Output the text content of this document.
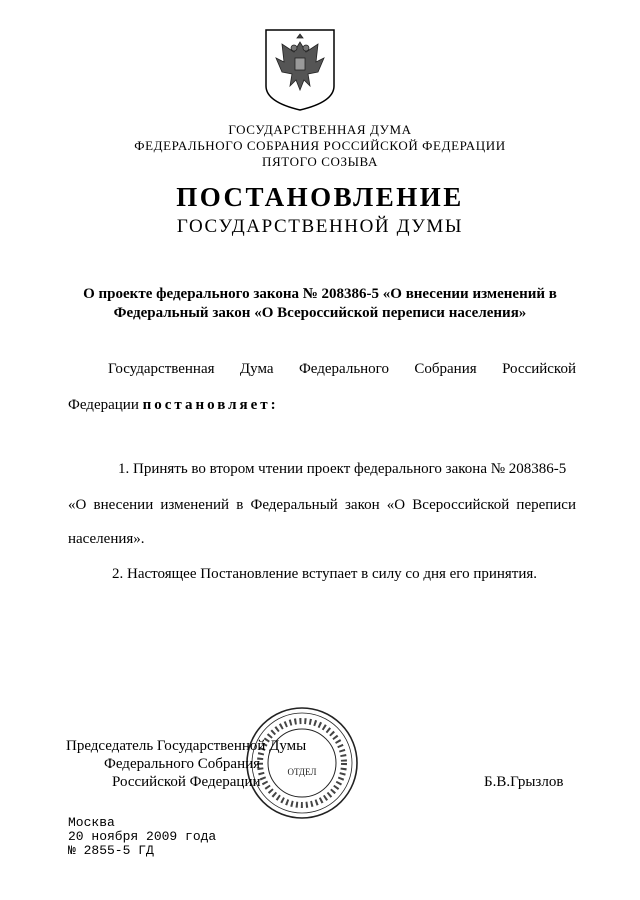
ГОСУДАРСТВЕННАЯ ДУМА
ФЕДЕРАЛЬНОГО СОБРАНИЯ РОССИЙСКОЙ ФЕДЕРАЦИИ
ПЯТОГО СОЗЫВА
ПОСТАНОВЛЕНИЕ
ГОСУДАРСТВЕННОЙ ДУМЫ
О проекте федерального закона № 208386-5 «О внесении изменений в
Федеральный закон «О Всероссийской переписи населения»
Государственная Дума Федерального Собрания Российской
Федерации постановляет:
1. Принять во втором чтении проект федерального закона № 208386-5
«О внесении изменений в Федеральный закон «О Всероссийской переписи
населения».
2. Настоящее Постановление вступает в силу со дня его принятия.
ОТДЕЛ
Председатель Государственной Думы
Федерального Собрания
Российской Федерации	Б.В.Грызлов
Москва
20 ноября 2009 года
№ 2855-5 ГД
